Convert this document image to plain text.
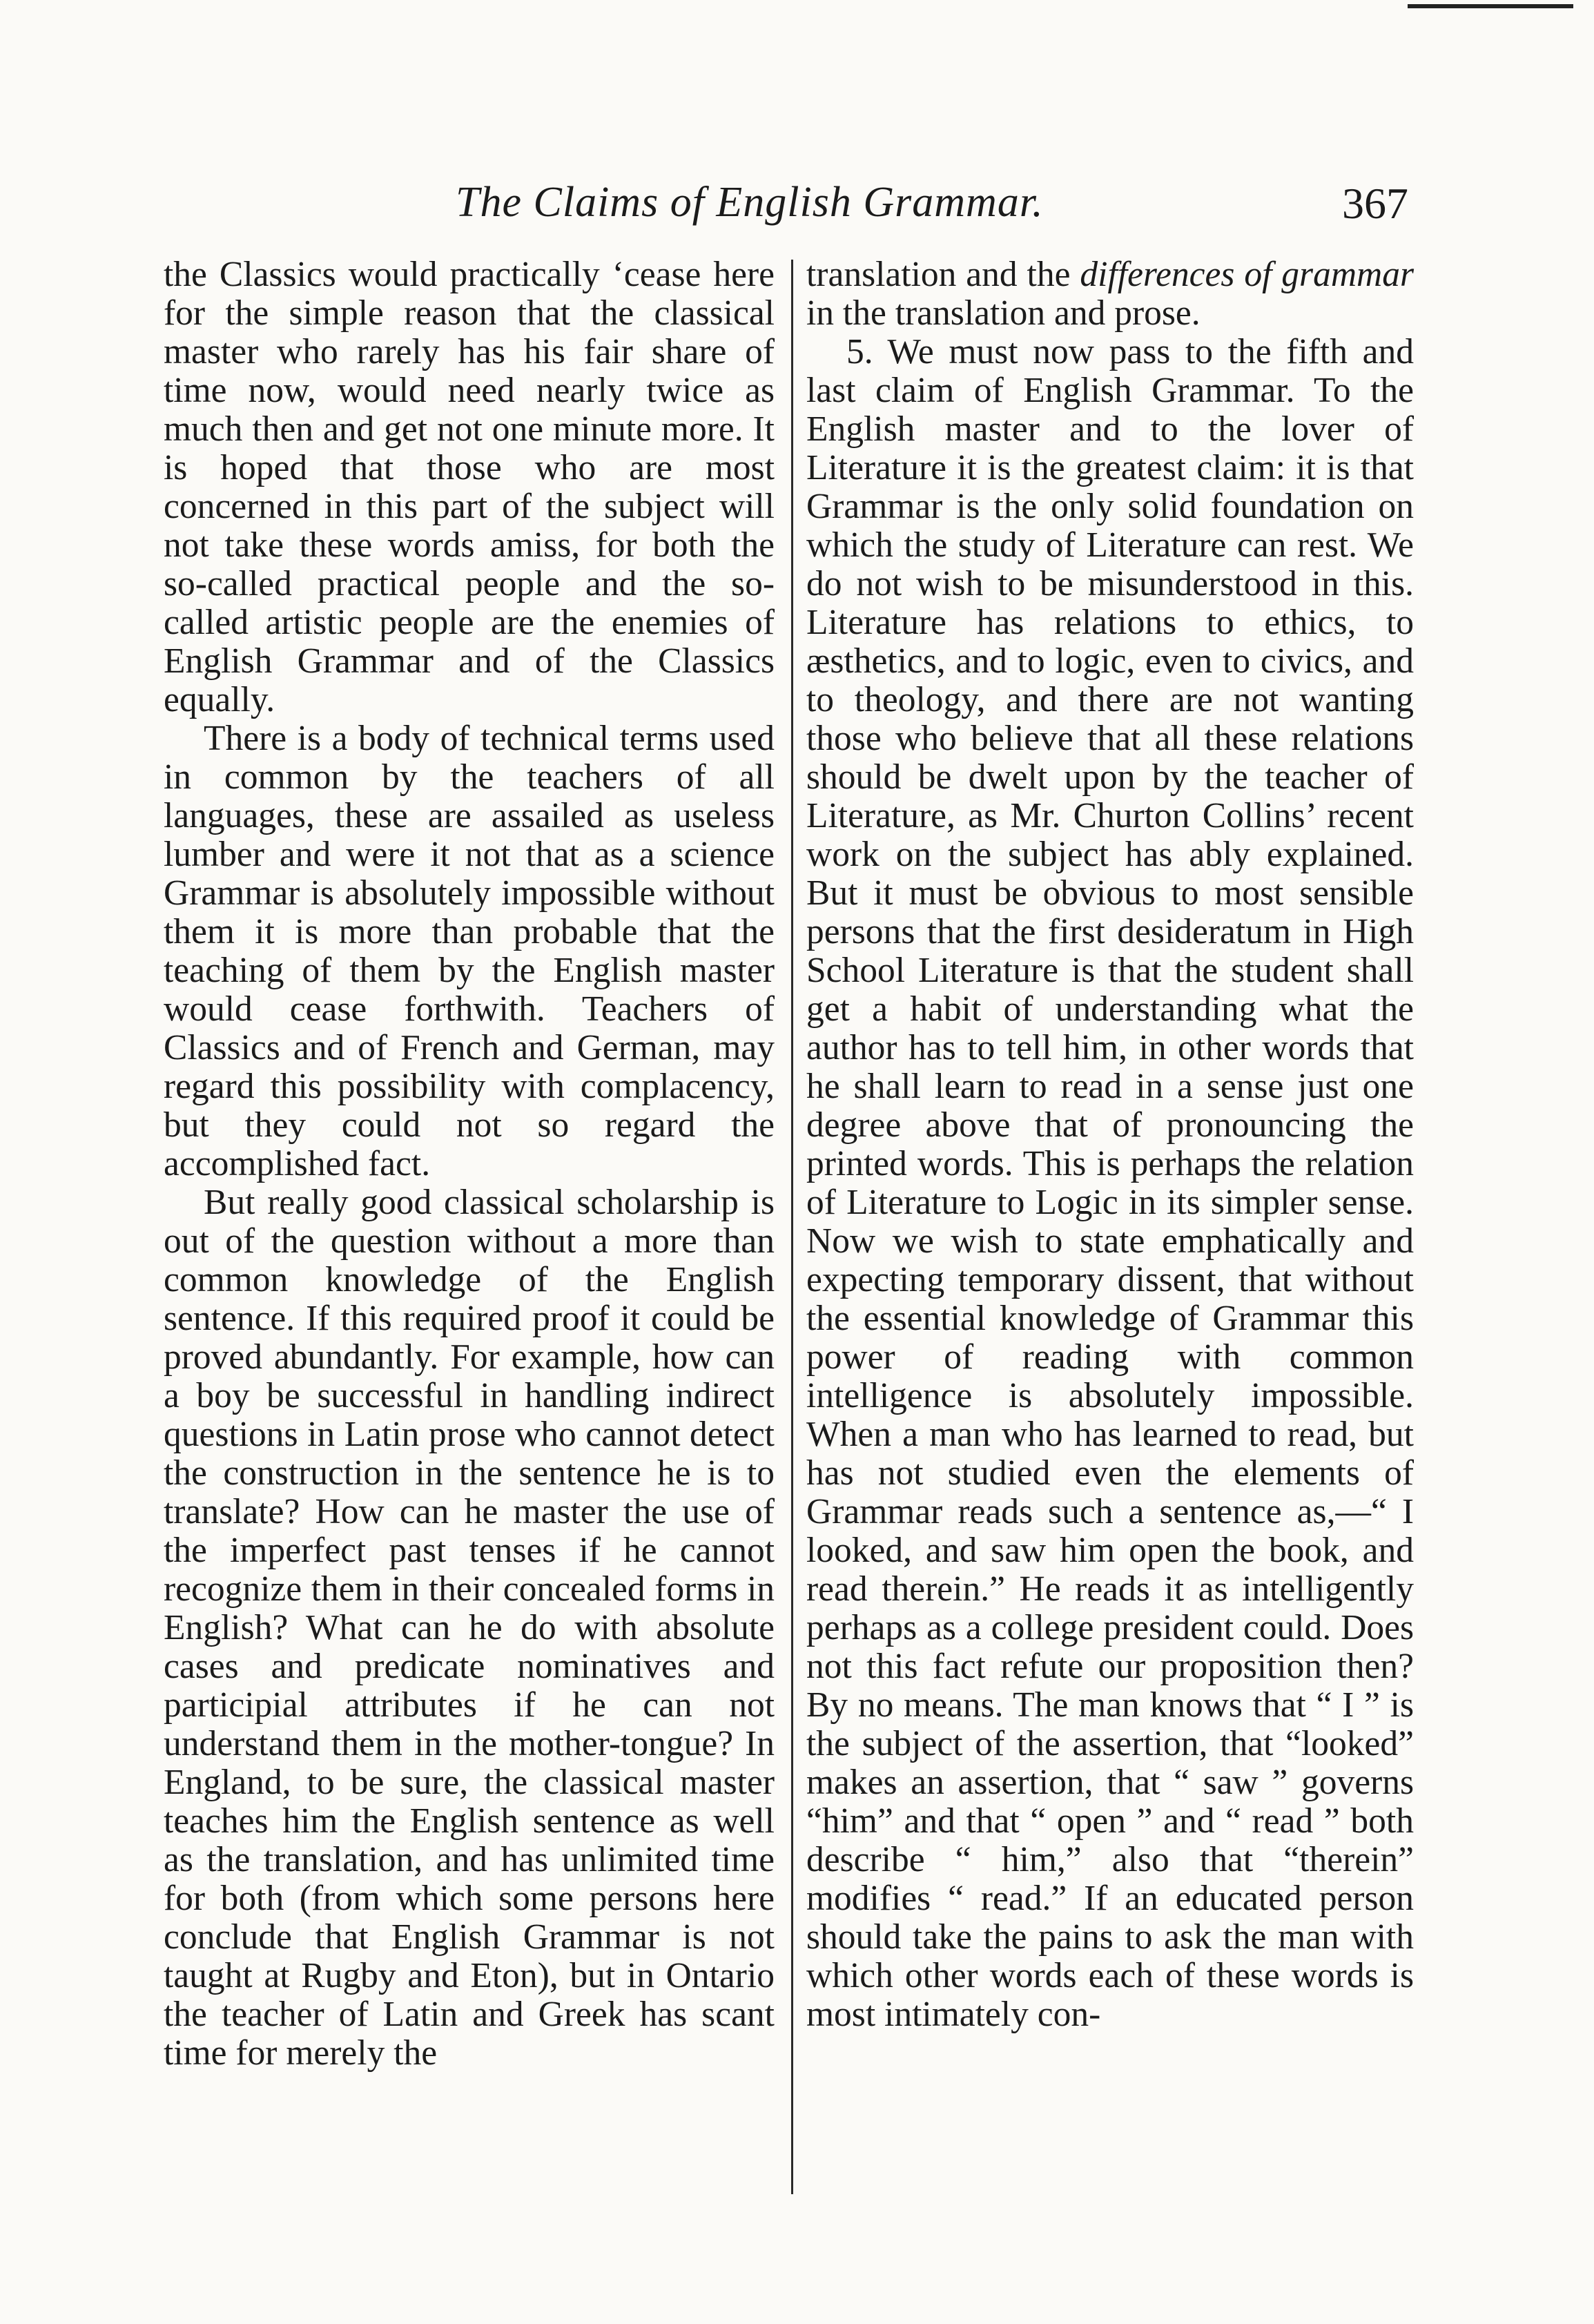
The Claims of English Grammar.	367

the Classics would practically ‘cease here for the simple reason that the classical master who rarely has his fair share of time now, would need nearly twice as much then and get not one minute more. It is hoped that those who are most concerned in this part of the subject will not take these words amiss, for both the so-called practical people and the so-called artistic people are the enemies of English Grammar and of the Classics equally.

There is a body of technical terms used in common by the teachers of all languages, these are assailed as useless lumber and were it not that as a science Grammar is absolutely impossible without them it is more than probable that the teaching of them by the English master would cease forthwith. Teachers of Classics and of French and German, may regard this possibility with complacency, but they could not so regard the accomplished fact.

But really good classical scholarship is out of the question without a more than common knowledge of the English sentence. If this required proof it could be proved abundantly. For example, how can a boy be successful in handling indirect questions in Latin prose who cannot detect the construction in the sentence he is to translate? How can he master the use of the imperfect past tenses if he cannot recognize them in their concealed forms in English? What can he do with absolute cases and predicate nominatives and participial attributes if he can not understand them in the mother-tongue? In England, to be sure, the classical master teaches him the English sentence as well as the translation, and has unlimited time for both (from which some persons here conclude that English Grammar is not taught at Rugby and Eton), but in Ontario the teacher of Latin and Greek has scant time for merely the

translation and the differences of grammar in the translation and prose.

5. We must now pass to the fifth and last claim of English Grammar. To the English master and to the lover of Literature it is the greatest claim: it is that Grammar is the only solid foundation on which the study of Literature can rest. We do not wish to be misunderstood in this. Literature has relations to ethics, to æsthetics, and to logic, even to civics, and to theology, and there are not wanting those who believe that all these relations should be dwelt upon by the teacher of Literature, as Mr. Churton Collins’ recent work on the subject has ably explained. But it must be obvious to most sensible persons that the first desideratum in High School Literature is that the student shall get a habit of understanding what the author has to tell him, in other words that he shall learn to read in a sense just one degree above that of pronouncing the printed words. This is perhaps the relation of Literature to Logic in its simpler sense. Now we wish to state emphatically and expecting temporary dissent, that without the essential knowledge of Grammar this power of reading with common intelligence is absolutely impossible. When a man who has learned to read, but has not studied even the elements of Grammar reads such a sentence as,—“ I looked, and saw him open the book, and read therein.” He reads it as intelligently perhaps as a college president could. Does not this fact refute our proposition then? By no means. The man knows that “ I ” is the subject of the assertion, that “looked” makes an assertion, that “ saw ” governs “him” and that “ open ” and “ read ” both describe “ him,” also that “therein” modifies “ read.” If an educated person should take the pains to ask the man with which other words each of these words is most intimately con-
